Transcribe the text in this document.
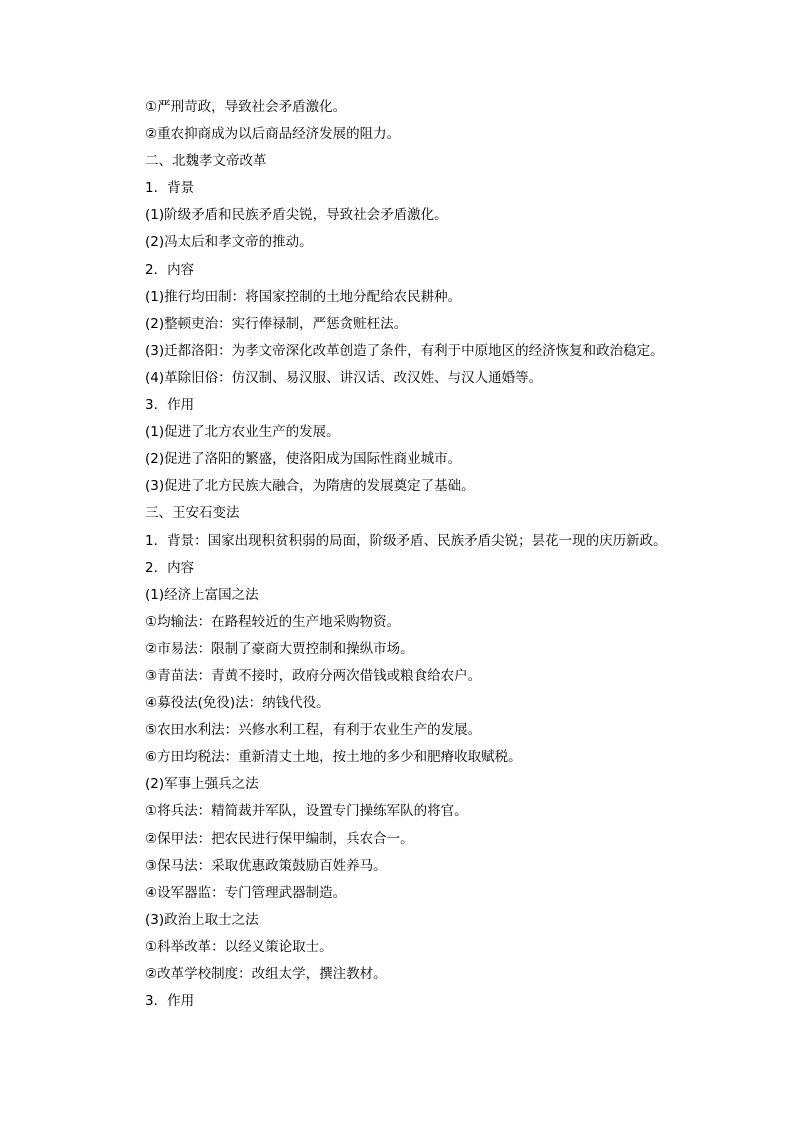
①严刑苛政，导致社会矛盾激化。
②重农抑商成为以后商品经济发展的阻力。
二、北魏孝文帝改革
1．背景
(1)阶级矛盾和民族矛盾尖锐，导致社会矛盾激化。
(2)冯太后和孝文帝的推动。
2．内容
(1)推行均田制：将国家控制的土地分配给农民耕种。
(2)整顿吏治：实行俸禄制，严惩贪赃枉法。
(3)迁都洛阳：为孝文帝深化改革创造了条件，有利于中原地区的经济恢复和政治稳定。
(4)革除旧俗：仿汉制、易汉服、讲汉话、改汉姓、与汉人通婚等。
3．作用
(1)促进了北方农业生产的发展。
(2)促进了洛阳的繁盛，使洛阳成为国际性商业城市。
(3)促进了北方民族大融合，为隋唐的发展奠定了基础。
三、王安石变法
1．背景：国家出现积贫积弱的局面，阶级矛盾、民族矛盾尖锐；昙花一现的庆历新政。
2．内容
(1)经济上富国之法
①均输法：在路程较近的生产地采购物资。
②市易法：限制了豪商大贾控制和操纵市场。
③青苗法：青黄不接时，政府分两次借钱或粮食给农户。
④募役法(免役)法：纳钱代役。
⑤农田水利法：兴修水利工程，有利于农业生产的发展。
⑥方田均税法：重新清丈土地，按土地的多少和肥瘠收取赋税。
(2)军事上强兵之法
①将兵法：精简裁并军队，设置专门操练军队的将官。
②保甲法：把农民进行保甲编制，兵农合一。
③保马法：采取优惠政策鼓励百姓养马。
④设军器监：专门管理武器制造。
(3)政治上取士之法
①科举改革：以经义策论取士。
②改革学校制度：改组太学，撰注教材。
3．作用
